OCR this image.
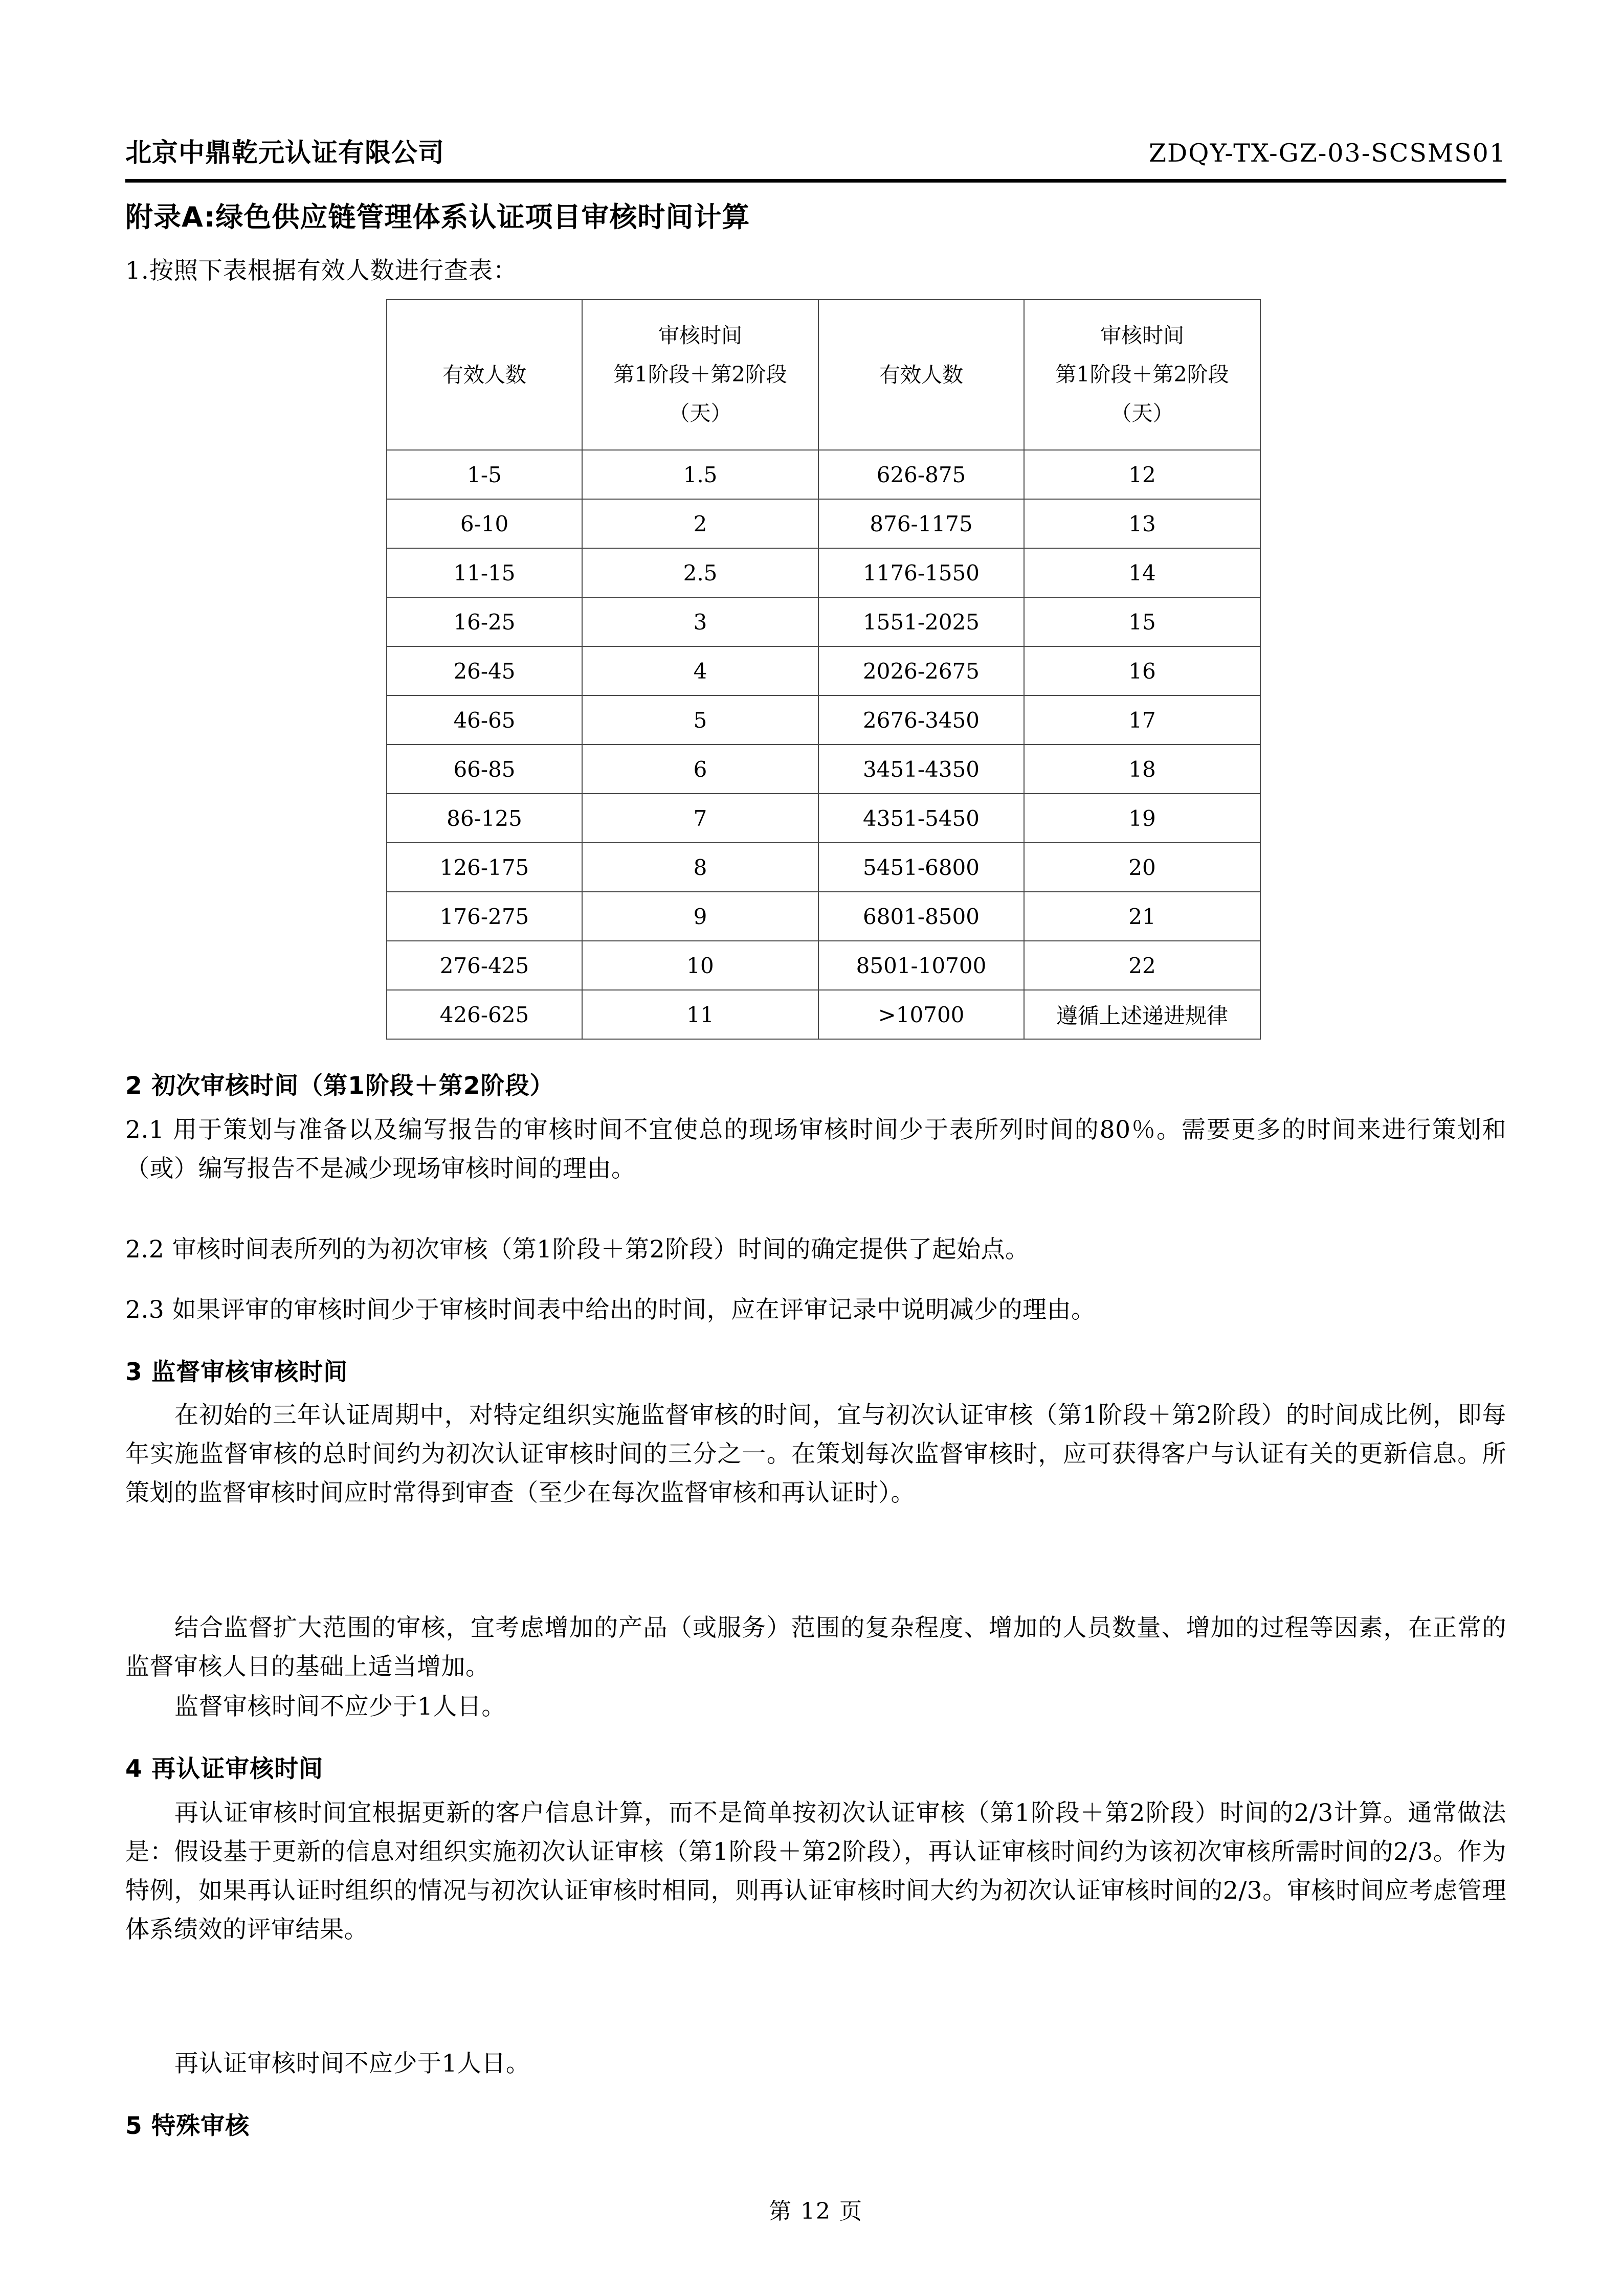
北京中鼎乾元认证有限公司	ZDQY-TX-GZ-03-SCSMS01
附录A:绿色供应链管理体系认证项目审核时间计算
1.按照下表根据有效人数进行查表：
有效人数	审核时间
第1阶段＋第2阶段
（天）	有效人数	审核时间
第1阶段＋第2阶段
（天）

1-5	1.5	626-875	12
6-10	2	876-1175	13
11-15	2.5	1176-1550	14
16-25	3	1551-2025	15
26-45	4	2026-2675	16
46-65	5	2676-3450	17
66-85	6	3451-4350	18
86-125	7	4351-5450	19
126-175	8	5451-6800	20
176-275	9	6801-8500	21
276-425	10	8501-10700	22
426-625	11	>10700	遵循上述递进规律
2 初次审核时间（第1阶段＋第2阶段）
2.1 用于策划与准备以及编写报告的审核时间不宜使总的现场审核时间少于表所列时间的80％。需要更多的时间来进行策划和（或）编写报告不是减少现场审核时间的理由。
2.2 审核时间表所列的为初次审核（第1阶段＋第2阶段）时间的确定提供了起始点。
2.3 如果评审的审核时间少于审核时间表中给出的时间，应在评审记录中说明减少的理由。
3 监督审核审核时间
在初始的三年认证周期中，对特定组织实施监督审核的时间，宜与初次认证审核（第1阶段＋第2阶段）的时间成比例，即每年实施监督审核的总时间约为初次认证审核时间的三分之一。在策划每次监督审核时，应可获得客户与认证有关的更新信息。所策划的监督审核时间应时常得到审查（至少在每次监督审核和再认证时）。
结合监督扩大范围的审核，宜考虑增加的产品（或服务）范围的复杂程度、增加的人员数量、增加的过程等因素，在正常的监督审核人日的基础上适当增加。
监督审核时间不应少于1人日。
4 再认证审核时间
再认证审核时间宜根据更新的客户信息计算，而不是简单按初次认证审核（第1阶段＋第2阶段）时间的2/3计算。通常做法是：假设基于更新的信息对组织实施初次认证审核（第1阶段＋第2阶段），再认证审核时间约为该初次审核所需时间的2/3。作为特例，如果再认证时组织的情况与初次认证审核时相同，则再认证审核时间大约为初次认证审核时间的2/3。审核时间应考虑管理体系绩效的评审结果。
再认证审核时间不应少于1人日。
5 特殊审核
第 12 页
